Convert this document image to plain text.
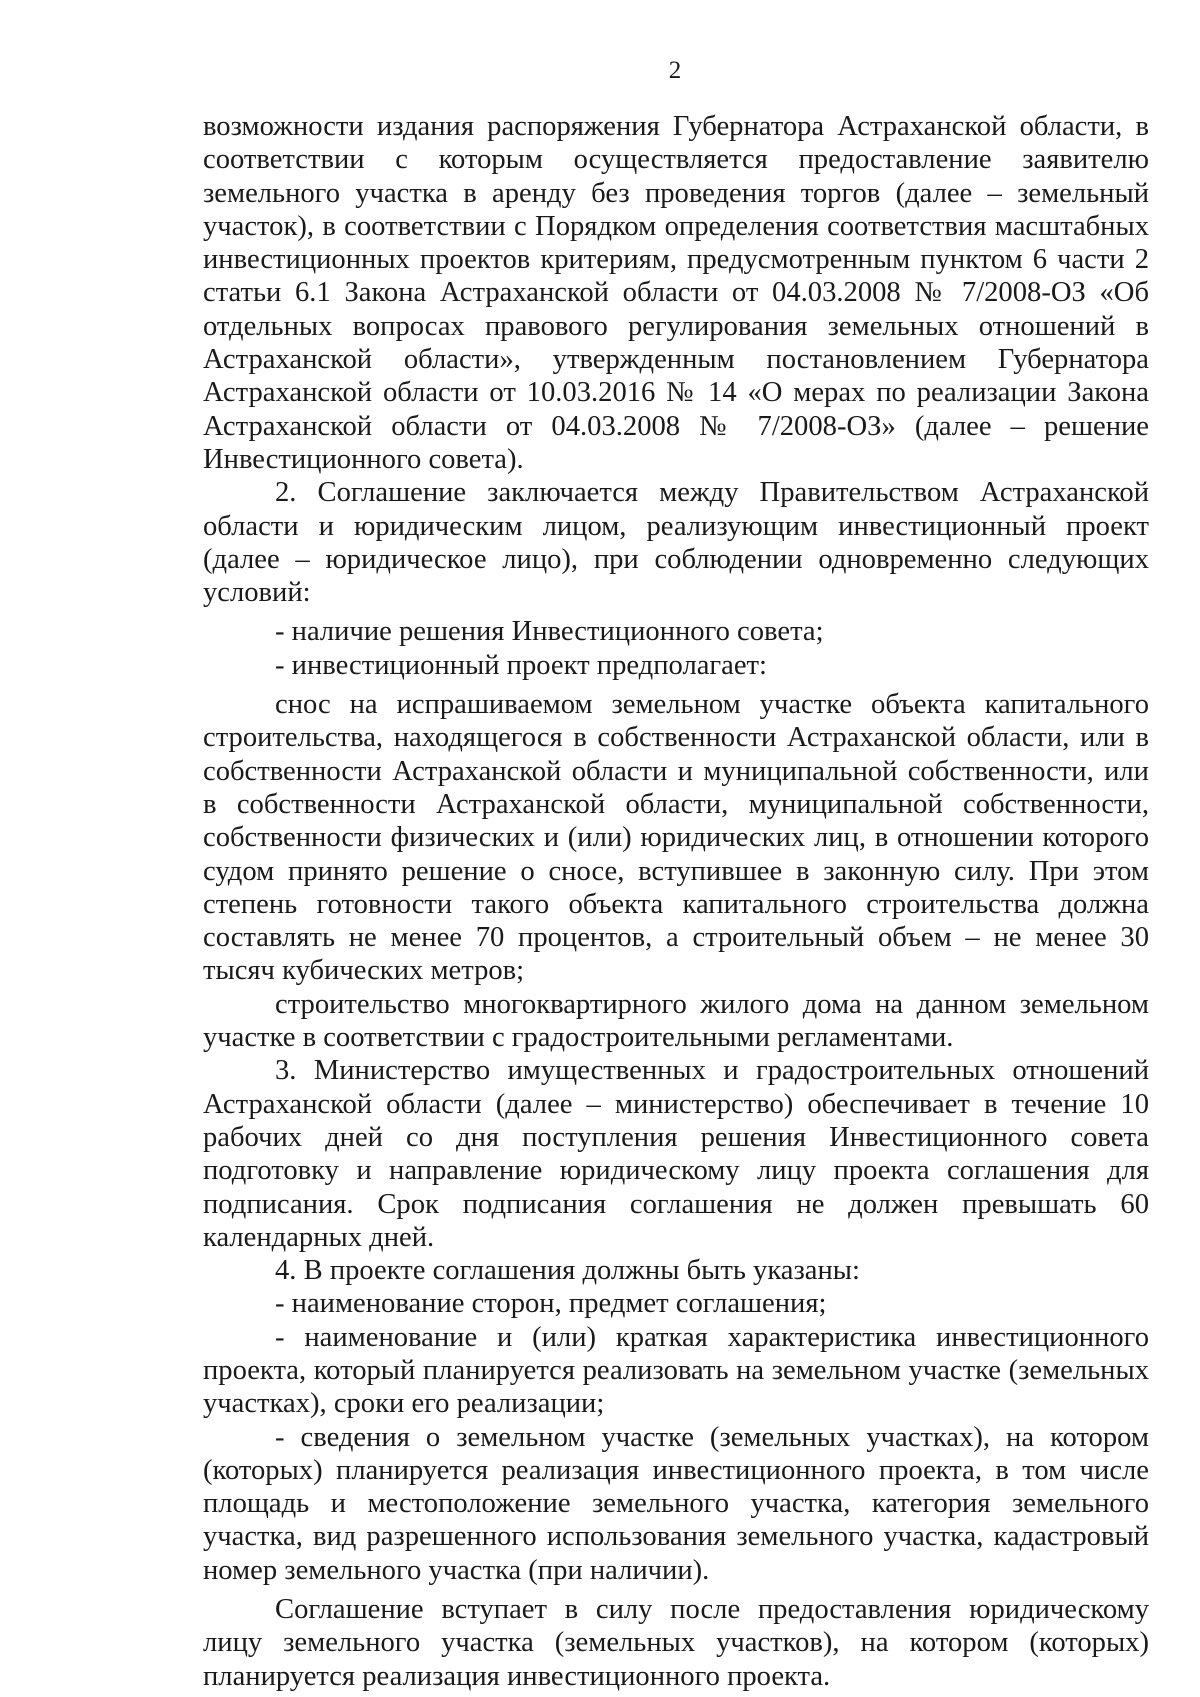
2

возможности издания распоряжения Губернатора Астраханской области, в соответствии с которым осуществляется предоставление заявителю земельного участка в аренду без проведения торгов (далее – земельный участок), в соответствии с Порядком определения соответствия масштабных инвестиционных проектов критериям, предусмотренным пунктом 6 части 2 статьи 6.1 Закона Астраханской области от 04.03.2008 № 7/2008-ОЗ «Об отдельных вопросах правового регулирования земельных отношений в Астраханской области», утвержденным постановлением Губернатора Астраханской области от 10.03.2016 № 14 «О мерах по реализации Закона Астраханской области от 04.03.2008 № 7/2008-ОЗ» (далее – решение Инвестиционного совета).

2. Соглашение заключается между Правительством Астраханской области и юридическим лицом, реализующим инвестиционный проект (далее – юридическое лицо), при соблюдении одновременно следующих условий:

- наличие решения Инвестиционного совета;

- инвестиционный проект предполагает:

снос на испрашиваемом земельном участке объекта капитального строительства, находящегося в собственности Астраханской области, или в собственности Астраханской области и муниципальной собственности, или в собственности Астраханской области, муниципальной собственности, собственности физических и (или) юридических лиц, в отношении которого судом принято решение о сносе, вступившее в законную силу. При этом степень готовности такого объекта капитального строительства должна составлять не менее 70 процентов, а строительный объем – не менее 30 тысяч кубических метров;

строительство многоквартирного жилого дома на данном земельном участке в соответствии с градостроительными регламентами.

3. Министерство имущественных и градостроительных отношений Астраханской области (далее – министерство) обеспечивает в течение 10 рабочих дней со дня поступления решения Инвестиционного совета подготовку и направление юридическому лицу проекта соглашения для подписания. Срок подписания соглашения не должен превышать 60 календарных дней.

4. В проекте соглашения должны быть указаны:

- наименование сторон, предмет соглашения;

- наименование и (или) краткая характеристика инвестиционного проекта, который планируется реализовать на земельном участке (земельных участках), сроки его реализации;

- сведения о земельном участке (земельных участках), на котором (которых) планируется реализация инвестиционного проекта, в том числе площадь и местоположение земельного участка, категория земельного участка, вид разрешенного использования земельного участка, кадастровый номер земельного участка (при наличии).

Соглашение вступает в силу после предоставления юридическому лицу земельного участка (земельных участков), на котором (которых) планируется реализация инвестиционного проекта.
